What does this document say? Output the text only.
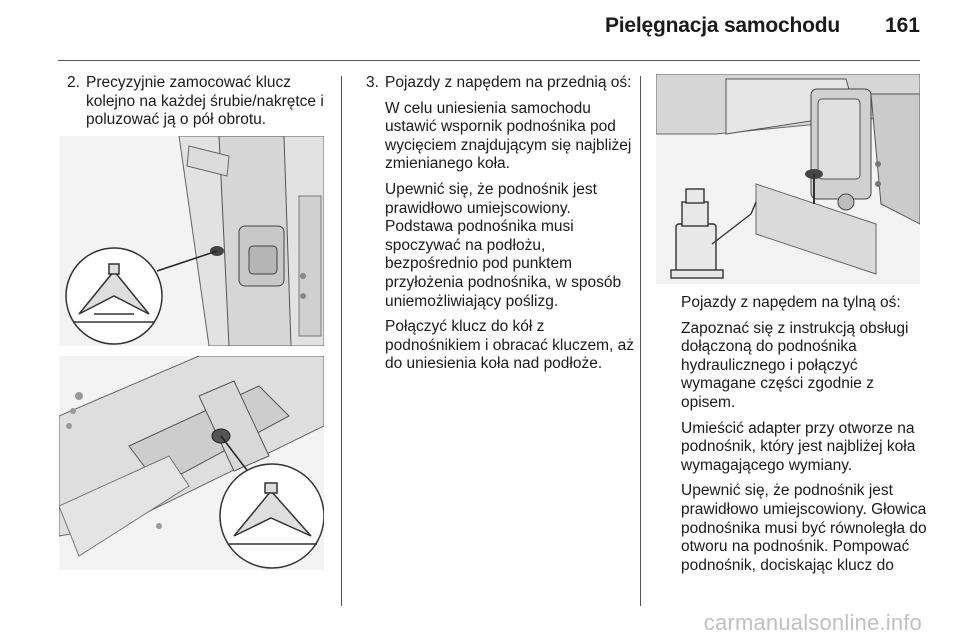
Pielęgnacja samochodu 161
2. Precyzyjnie zamocować klucz kolejno na każdej śrubie/nakrętce i poluzować ją o pół obrotu.
3. Pojazdy z napędem na przednią oś:

W celu uniesienia samochodu ustawić wspornik podnośnika pod wycięciem znajdującym się najbliżej zmienianego koła.

Upewnić się, że podnośnik jest prawidłowo umiejscowiony. Podstawa podnośnika musi spoczywać na podłożu, bezpośrednio pod punktem przyłożenia podnośnika, w sposób uniemożliwiający poślizg.

Połączyć klucz do kół z podnośnikiem i obracać kluczem, aż do uniesienia koła nad podłoże.

Pojazdy z napędem na tylną oś:

Zapoznać się z instrukcją obsługi dołączoną do podnośnika hydraulicznego i połączyć wymagane części zgodnie z opisem.

Umieścić adapter przy otworze na podnośnik, który jest najbliżej koła wymagającego wymiany.

Upewnić się, że podnośnik jest prawidłowo umiejscowiony. Głowica podnośnika musi być równoległa do otworu na podnośnik. Pompować podnośnik, dociskając klucz do

carmanualsonline.info
